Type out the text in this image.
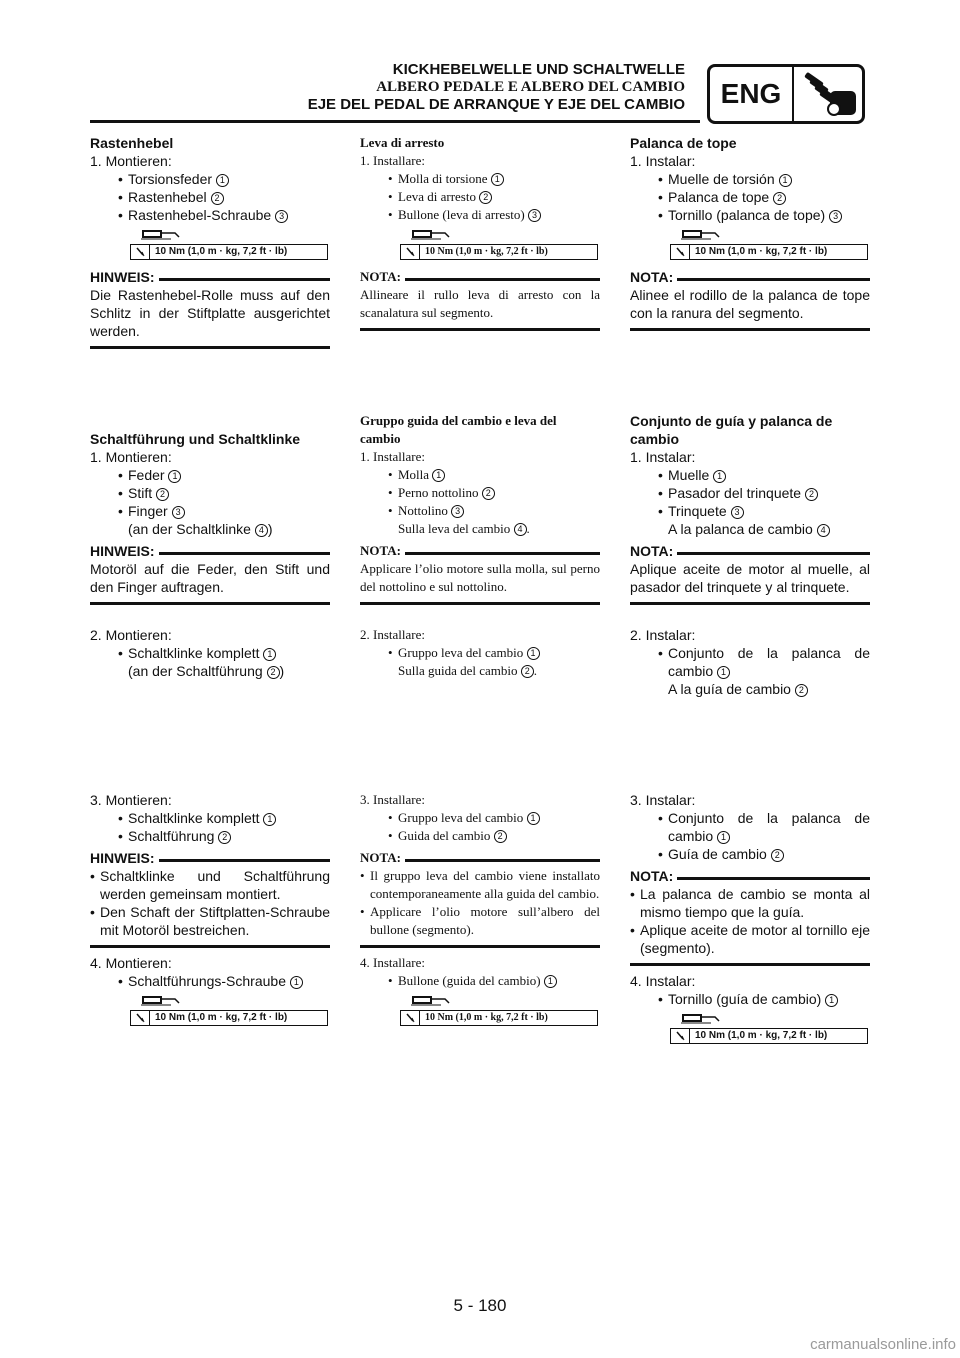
KICKHEBELWELLE UND SCHALTWELLE
ALBERO PEDALE E ALBERO DEL CAMBIO
EJE DEL PEDAL DE ARRANQUE Y EJE DEL CAMBIO	ENG
Rastenhebel
1. Montieren:
• Torsionsfeder 1
• Rastenhebel 2
• Rastenhebel-Schraube 3
10 Nm (1,0 m · kg, 7,2 ft · lb)
HINWEIS:
Die Rastenhebel-Rolle muss auf den Schlitz in der Stiftplatte ausgerichtet werden.
Schaltführung und Schaltklinke
1. Montieren:
• Feder 1
• Stift 2
• Finger 3
(an der Schaltklinke 4 )
HINWEIS:
Motoröl auf die Feder, den Stift und den Finger auftragen.
2. Montieren:
• Schaltklinke komplett 1
(an der Schaltführung 2 )
3. Montieren:
• Schaltklinke komplett 1
• Schaltführung 2
HINWEIS:
• Schaltklinke und Schaltführung werden gemeinsam montiert.
• Den Schaft der Stiftplatten-Schraube mit Motoröl bestreichen.
4. Montieren:
• Schaltführungs-Schraube 1
10 Nm (1,0 m · kg, 7,2 ft · lb)
Leva di arresto
1. Installare:
• Molla di torsione 1
• Leva di arresto 2
• Bullone (leva di arresto) 3
10 Nm (1,0 m · kg, 7,2 ft · lb)
NOTA:
Allineare il rullo leva di arresto con la scanalatura sul segmento.
Gruppo guida del cambio e leva del cambio
1. Installare:
• Molla 1
• Perno nottolino 2
• Nottolino 3
Sulla leva del cambio 4 .
NOTA:
Applicare l’olio motore sulla molla, sul perno del nottolino e sul nottolino.
2. Installare:
• Gruppo leva del cambio 1
Sulla guida del cambio 2 .
3. Installare:
• Gruppo leva del cambio 1
• Guida del cambio 2
NOTA:
• Il gruppo leva del cambio viene installato contemporaneamente alla guida del cambio.
• Applicare l’olio motore sull’albero del bullone (segmento).
4. Installare:
• Bullone (guida del cambio) 1
10 Nm (1,0 m · kg, 7,2 ft · lb)
Palanca de tope
1. Instalar:
• Muelle de torsión 1
• Palanca de tope 2
• Tornillo (palanca de tope) 3
10 Nm (1,0 m · kg, 7,2 ft · lb)
NOTA:
Alinee el rodillo de la palanca de tope con la ranura del segmento.
Conjunto de guía y palanca de cambio
1. Instalar:
• Muelle 1
• Pasador del trinquete 2
• Trinquete 3
A la palanca de cambio 4
NOTA:
Aplique aceite de motor al muelle, al pasador del trinquete y al trinquete.
2. Instalar:
• Conjunto de la palanca de cambio 1
A la guía de cambio 2
3. Instalar:
• Conjunto de la palanca de cambio 1
• Guía de cambio 2
NOTA:
• La palanca de cambio se monta al mismo tiempo que la guía.
• Aplique aceite de motor al tornillo eje (segmento).
4. Instalar:
• Tornillo (guía de cambio) 1
10 Nm (1,0 m · kg, 7,2 ft · lb)
5 - 180
carmanualsonline.info
